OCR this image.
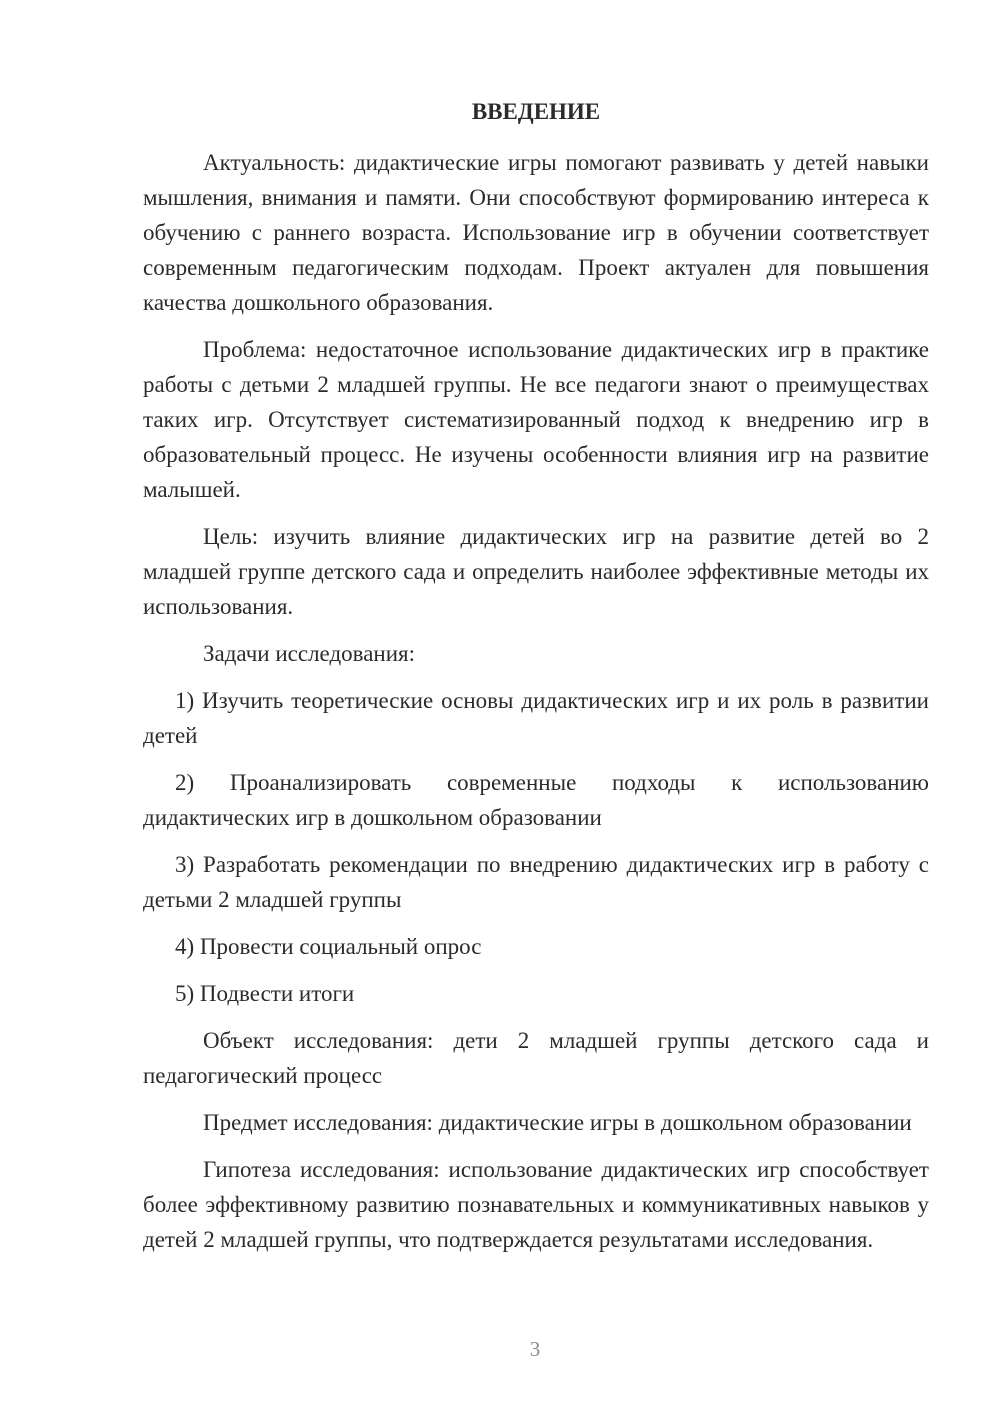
ВВЕДЕНИЕ
Актуальность: дидактические игры помогают развивать у детей навыки мышления, внимания и памяти. Они способствуют формированию интереса к обучению с раннего возраста. Использование игр в обучении соответствует современным педагогическим подходам. Проект актуален для повышения качества дошкольного образования.
Проблема: недостаточное использование дидактических игр в практике работы с детьми 2 младшей группы. Не все педагоги знают о преимуществах таких игр. Отсутствует систематизированный подход к внедрению игр в образовательный процесс. Не изучены особенности влияния игр на развитие малышей.
Цель: изучить влияние дидактических игр на развитие детей во 2 младшей группе детского сада и определить наиболее эффективные методы их использования.
Задачи исследования:
1) Изучить теоретические основы дидактических игр и их роль в развитии детей
2) Проанализировать современные подходы к использованию дидактических игр в дошкольном образовании
3) Разработать рекомендации по внедрению дидактических игр в работу с детьми 2 младшей группы
4) Провести социальный опрос
5) Подвести итоги
Объект исследования: дети 2 младшей группы детского сада и педагогический процесс
Предмет исследования: дидактические игры в дошкольном образовании
Гипотеза исследования: использование дидактических игр способствует более эффективному развитию познавательных и коммуникативных навыков у детей 2 младшей группы, что подтверждается результатами исследования.
3
